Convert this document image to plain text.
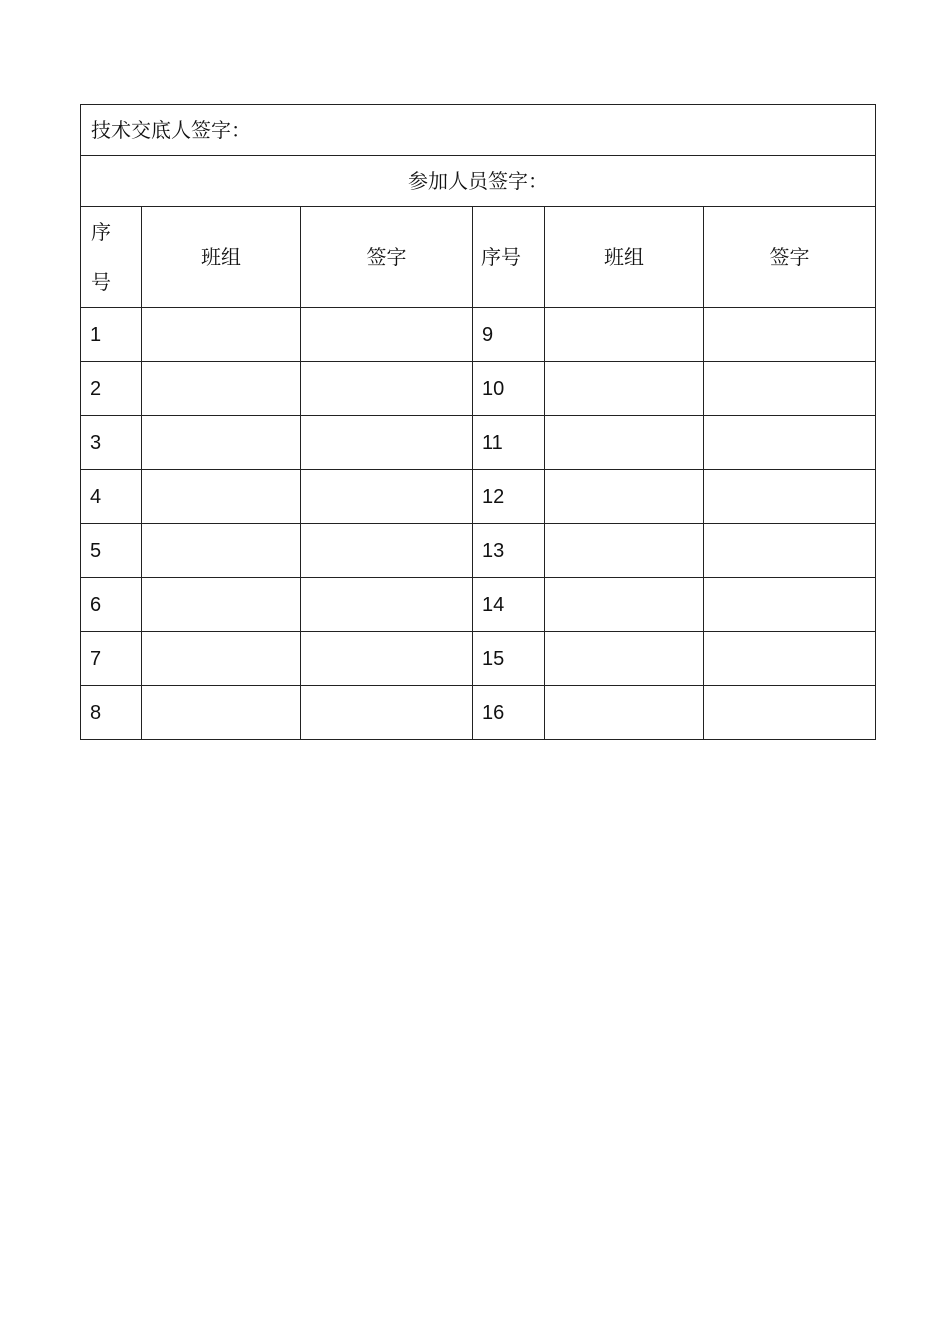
技术交底人签字：					
参加人员签字：					
序号	班组	签字	序号	班组	签字
1			9		
2			10		
3			11		
4			12		
5			13		
6			14		
7			15		
8			16		
